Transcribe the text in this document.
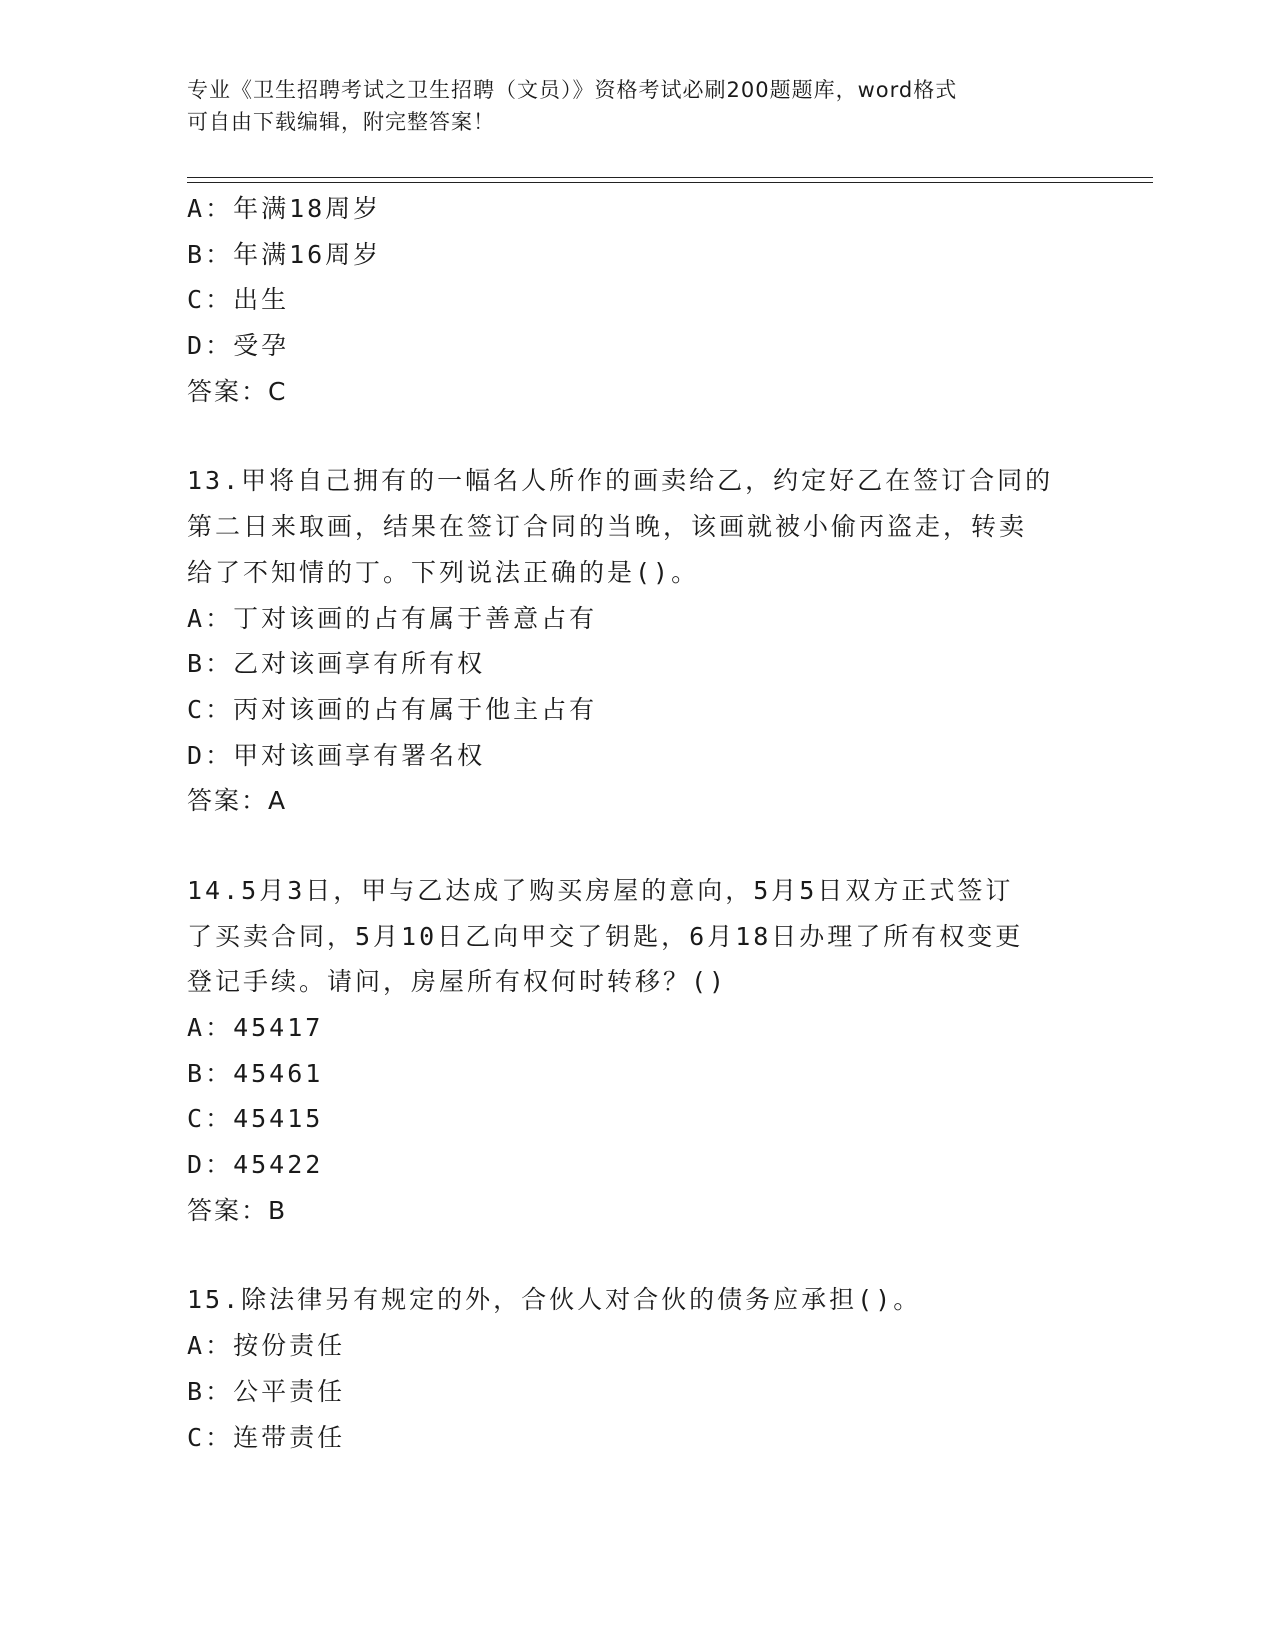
专业《卫生招聘考试之卫生招聘（文员）》资格考试必刷200题题库，word格式
可自由下载编辑，附完整答案！
A：年满18周岁
B：年满16周岁
C：出生
D：受孕
答案：C
13.甲将自己拥有的一幅名人所作的画卖给乙，约定好乙在签订合同的
第二日来取画，结果在签订合同的当晚，该画就被小偷丙盗走，转卖
给了不知情的丁。下列说法正确的是()。
A：丁对该画的占有属于善意占有
B：乙对该画享有所有权
C：丙对该画的占有属于他主占有
D：甲对该画享有署名权
答案：A
14.5月3日，甲与乙达成了购买房屋的意向，5月5日双方正式签订
了买卖合同，5月10日乙向甲交了钥匙，6月18日办理了所有权变更
登记手续。请问，房屋所有权何时转移？()
A：45417
B：45461
C：45415
D：45422
答案：B
15.除法律另有规定的外，合伙人对合伙的债务应承担()。
A：按份责任
B：公平责任
C：连带责任
